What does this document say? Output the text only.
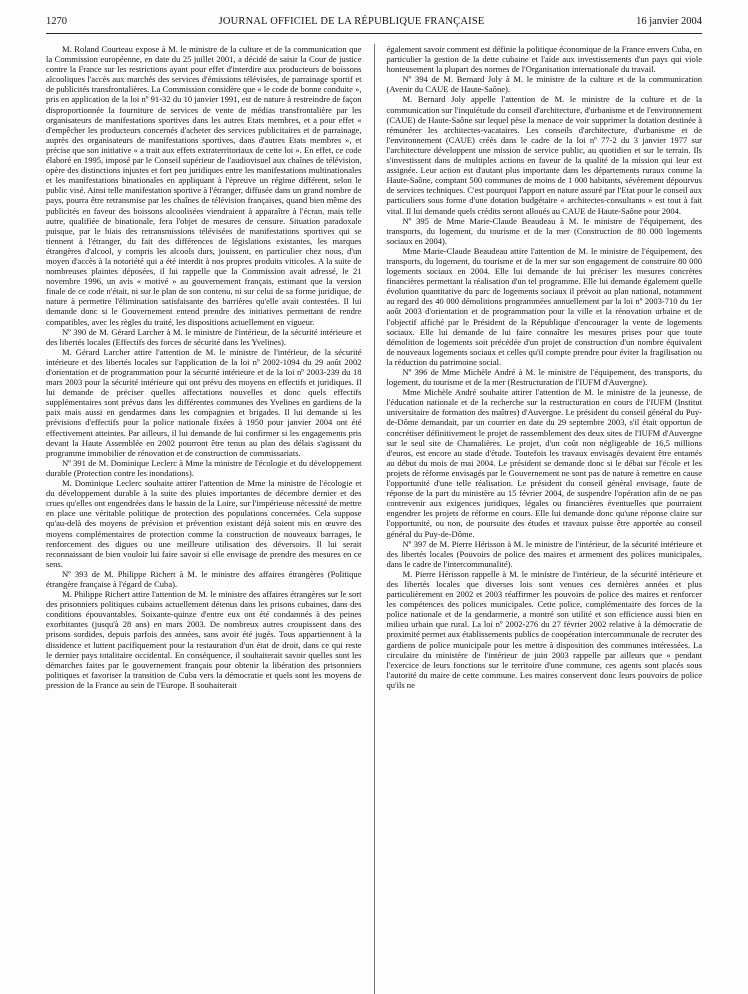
1270	JOURNAL OFFICIEL DE LA RÉPUBLIQUE FRANÇAISE	16 janvier 2004

M. Roland Courteau expose à M. le ministre de la culture et de la communication que la Commission européenne, en date du 25 juillet 2001, a décidé de saisir la Cour de justice contre la France sur les restrictions ayant pour effet d'interdire aux producteurs de boissons alcooliques l'accès aux marchés des services d'émissions télévisées, de parrainage sportif et de publicités transfrontalières. La Commission considère que « le code de bonne conduite », pris en application de la loi nº 91-32 du 10 janvier 1991, est de nature à restreindre de façon disproportionnée la fourniture de services de vente de médias transfrontalière par les organisateurs de manifestations sportives dans les autres Etats membres, et a pour effet « d'empêcher les producteurs concernés d'acheter des services publicitaires et de parrainage, auprès des organisateurs de manifestations sportives, dans d'autres Etats membres », et précise que son initiative « a trait aux effets extraterritoriaux de cette loi ». En effet, ce code élaboré en 1995, imposé par le Conseil supérieur de l'audiovisuel aux chaînes de télévision, opère des distinctions injustes et fort peu juridiques entre les manifestations multinationales et les manifestations binationales en appliquant à l'épreuve un régime différent, selon le public visé. Ainsi telle manifestation sportive à l'étranger, diffusée dans un grand nombre de pays, pourra être retransmise par les chaînes de télévision françaises, quand bien même des publicités en faveur des boissons alcoolisées viendraient à apparaître à l'écran, mais telle autre, qualifiée de binationale, fera l'objet de mesures de censure. Situation paradoxale puisque, par le biais des retransmissions télévisées de manifestations sportives qui se tiennent à l'étranger, du fait des différences de législations existantes, les marques étrangères d'alcool, y compris les alcools durs, jouissent, en particulier chez nous, d'un moyen d'accès à la notoriété qui a été interdit à nos propres produits viticoles. A la suite de nombreuses plaintes déposées, il lui rappelle que la Commission avait adressé, le 21 novembre 1996, un avis « motivé » au gouvernement français, estimant que la version finale de ce code n'était, ni sur le plan de son contenu, ni sur celui de sa forme juridique, de nature à permettre l'élimination satisfaisante des barrières qu'elle avait contestées. Il lui demande donc si le Gouvernement entend prendre des initiatives permettant de rendre compatibles, avec les règles du traité, les dispositions actuellement en vigueur.

Nº 390 de M. Gérard Larcher à M. le ministre de l'intérieur, de la sécurité intérieure et des libertés locales (Effectifs des forces de sécurité dans les Yvelines).

M. Gérard Larcher attire l'attention de M. le ministre de l'intérieur, de la sécurité intérieure et des libertés locales sur l'application de la loi nº 2002-1094 du 29 août 2002 d'orientation et de programmation pour la sécurité intérieure et de la loi nº 2003-239 du 18 mars 2003 pour la sécurité intérieure qui ont prévu des moyens en effectifs et juridiques. Il lui demande de préciser quelles affectations nouvelles et donc quels effectifs supplémentaires sont prévus dans les différentes communes des Yvelines en gardiens de la paix mais aussi en gendarmes dans les compagnies et brigades. Il lui demande si les prévisions d'effectifs pour la police nationale fixées à 1950 pour janvier 2004 ont été effectivement atteintes. Par ailleurs, il lui demande de lui confirmer si les engagements pris devant la Haute Assemblée en 2002 pourront être tenus au plan des délais s'agissant du programme immobilier de rénovation et de construction de commissariats.

Nº 391 de M. Dominique Leclerc à Mme la ministre de l'écologie et du développement durable (Protection contre les inondations).

M. Dominique Leclerc souhaite attirer l'attention de Mme la ministre de l'écologie et du développement durable à la suite des pluies importantes de décembre dernier et des crues qu'elles ont engendrées dans le bassin de la Loire, sur l'impérieuse nécessité de mettre en place une véritable politique de protection des populations concernées. Cela suppose qu'au-delà des moyens de prévision et prévention existant déjà soient mis en œuvre des moyens complémentaires de protection comme la construction de nouveaux barrages, le renforcement des digues ou une meilleure utilisation des déversoirs. Il lui serait reconnaissant de bien vouloir lui faire savoir si elle envisage de prendre des mesures en ce sens.

Nº 393 de M. Philippe Richert à M. le ministre des affaires étrangères (Politique étrangère française à l'égard de Cuba).

M. Philippe Richert attire l'attention de M. le ministre des affaires étrangères sur le sort des prisonniers politiques cubains actuellement détenus dans les prisons cubaines, dans des conditions épouvantables. Soixante-quinze d'entre eux ont été condamnés à des peines exorbitantes (jusqu'à 28 ans) en mars 2003. De nombreux autres croupissent dans des prisons sordides, depuis parfois des années, sans avoir été jugés. Tous appartiennent à la dissidence et luttent pacifiquement pour la restauration d'un état de droit, dans ce qui reste le dernier pays totalitaire occidental. En conséquence, il souhaiterait savoir quelles sont les démarches faites par le gouvernement français pour obtenir la libération des prisonniers politiques et favoriser la transition de Cuba vers la démocratie et quels sont les moyens de pression de la France au sein de l'Europe. Il souhaiterait

également savoir comment est définie la politique économique de la France envers Cuba, en particulier la gestion de la dette cubaine et l'aide aux investissements d'un pays qui viole honteusement la plupart des normes de l'Organisation internationale du travail.

Nº 394 de M. Bernard Joly à M. le ministre de la culture et de la communication (Avenir du CAUE de Haute-Saône).

M. Bernard Joly appelle l'attention de M. le ministre de la culture et de la communication sur l'inquiétude du conseil d'architecture, d'urbanisme et de l'environnement (CAUE) de Haute-Saône sur lequel pèse la menace de voir supprimer la dotation destinée à rémunérer les architectes-vacataires. Les conseils d'architecture, d'urbanisme et de l'environnement (CAUE) créés dans le cadre de la loi nº 77-2 du 3 janvier 1977 sur l'architecture développent une mission de service public, au quotidien et sur le terrain. Ils s'investissent dans de multiples actions en faveur de la qualité de la mission qui leur est assignée. Leur action est d'autant plus importante dans les départements ruraux comme la Haute-Saône, comptant 500 communes de moins de 1 000 habitants, sévèrement dépourvus de services techniques. C'est pourquoi l'apport en nature assuré par l'Etat pour le conseil aux particuliers sous forme d'une dotation budgétaire « architectes-consultants » est tout à fait vital. Il lui demande quels crédits seront alloués au CAUE de Haute-Saône pour 2004.

Nº 395 de Mme Marie-Claude Beaudeau à M. le ministre de l'équipement, des transports, du logement, du tourisme et de la mer (Construction de 80 000 logements sociaux en 2004).

Mme Marie-Claude Beaudeau attire l'attention de M. le ministre de l'équipement, des transports, du logement, du tourisme et de la mer sur son engagement de construire 80 000 logements sociaux en 2004. Elle lui demande de lui préciser les mesures concrètes financières permettant la réalisation d'un tel programme. Elle lui demande également quelle évolution quantitative du parc de logements sociaux il prévoit au plan national, notamment au regard des 40 000 démolitions programmées annuellement par la loi nº 2003-710 du 1er août 2003 d'orientation et de programmation pour la ville et la rénovation urbaine et de l'objectif affiché par le Président de la République d'encourager la vente de logements sociaux. Elle lui demande de lui faire connaître les mesures prises pour que toute démolition de logements soit précédée d'un projet de construction d'un nombre équivalent de nouveaux logements sociaux et celles qu'il compte prendre pour éviter la fragilisation ou la réduction du patrimoine social.

Nº 396 de Mme Michèle André à M. le ministre de l'équipement, des transports, du logement, du tourisme et de la mer (Restructuration de l'IUFM d'Auvergne).

Mme Michèle André souhaite attirer l'attention de M. le ministre de la jeunesse, de l'éducation nationale et de la recherche sur la restructuration en cours de l'IUFM (Institut universitaire de formation des maîtres) d'Auvergne. Le président du conseil général du Puy-de-Dôme demandait, par un courrier en date du 29 septembre 2003, s'il était opportun de concrétiser définitivement le projet de rassemblement des deux sites de l'IUFM d'Auvergne sur le seul site de Chamalières. Le projet, d'un coût non négligeable de 16,5 millions d'euros, est encore au stade d'étude. Toutefois les travaux envisagés devaient être entamés au début du mois de mai 2004. Le président se demande donc si le débat sur l'école et les projets de réforme envisagés par le Gouvernement ne sont pas de nature à remettre en cause l'opportunité d'une telle réalisation. Le président du conseil général envisage, faute de réponse de la part du ministère au 15 février 2004, de suspendre l'opération afin de ne pas contrevenir aux exigences juridiques, légales ou financières éventuelles que pourraient engendrer les projets de réforme en cours. Elle lui demande donc qu'une réponse claire sur l'opportunité, ou non, de poursuite des études et travaux puisse être apportée au conseil général du Puy-de-Dôme.

Nº 397 de M. Pierre Hérisson à M. le ministre de l'intérieur, de la sécurité intérieure et des libertés locales (Pouvoirs de police des maires et armement des polices municipales, dans le cadre de l'intercommunalité).

M. Pierre Hérisson rappelle à M. le ministre de l'intérieur, de la sécurité intérieure et des libertés locales que diverses lois sont venues ces dernières années et plus particulièrement en 2002 et 2003 réaffirmer les pouvoirs de police des maires et renforcer les compétences des polices municipales. Cette police, complémentaire des forces de la police nationale et de la gendarmerie, a montré son utilité et son efficience aussi bien en milieu urbain que rural. La loi nº 2002-276 du 27 février 2002 relative à la démocratie de proximité permet aux établissements publics de coopération intercommunale de recruter des gardiens de police municipale pour les mettre à disposition des communes intéressées. La circulaire du ministère de l'intérieur de juin 2003 rappelle par ailleurs que « pendant l'exercice de leurs fonctions sur le territoire d'une commune, ces agents sont placés sous l'autorité du maire de cette commune. Les maires conservent donc leurs pouvoirs de police qu'ils ne
